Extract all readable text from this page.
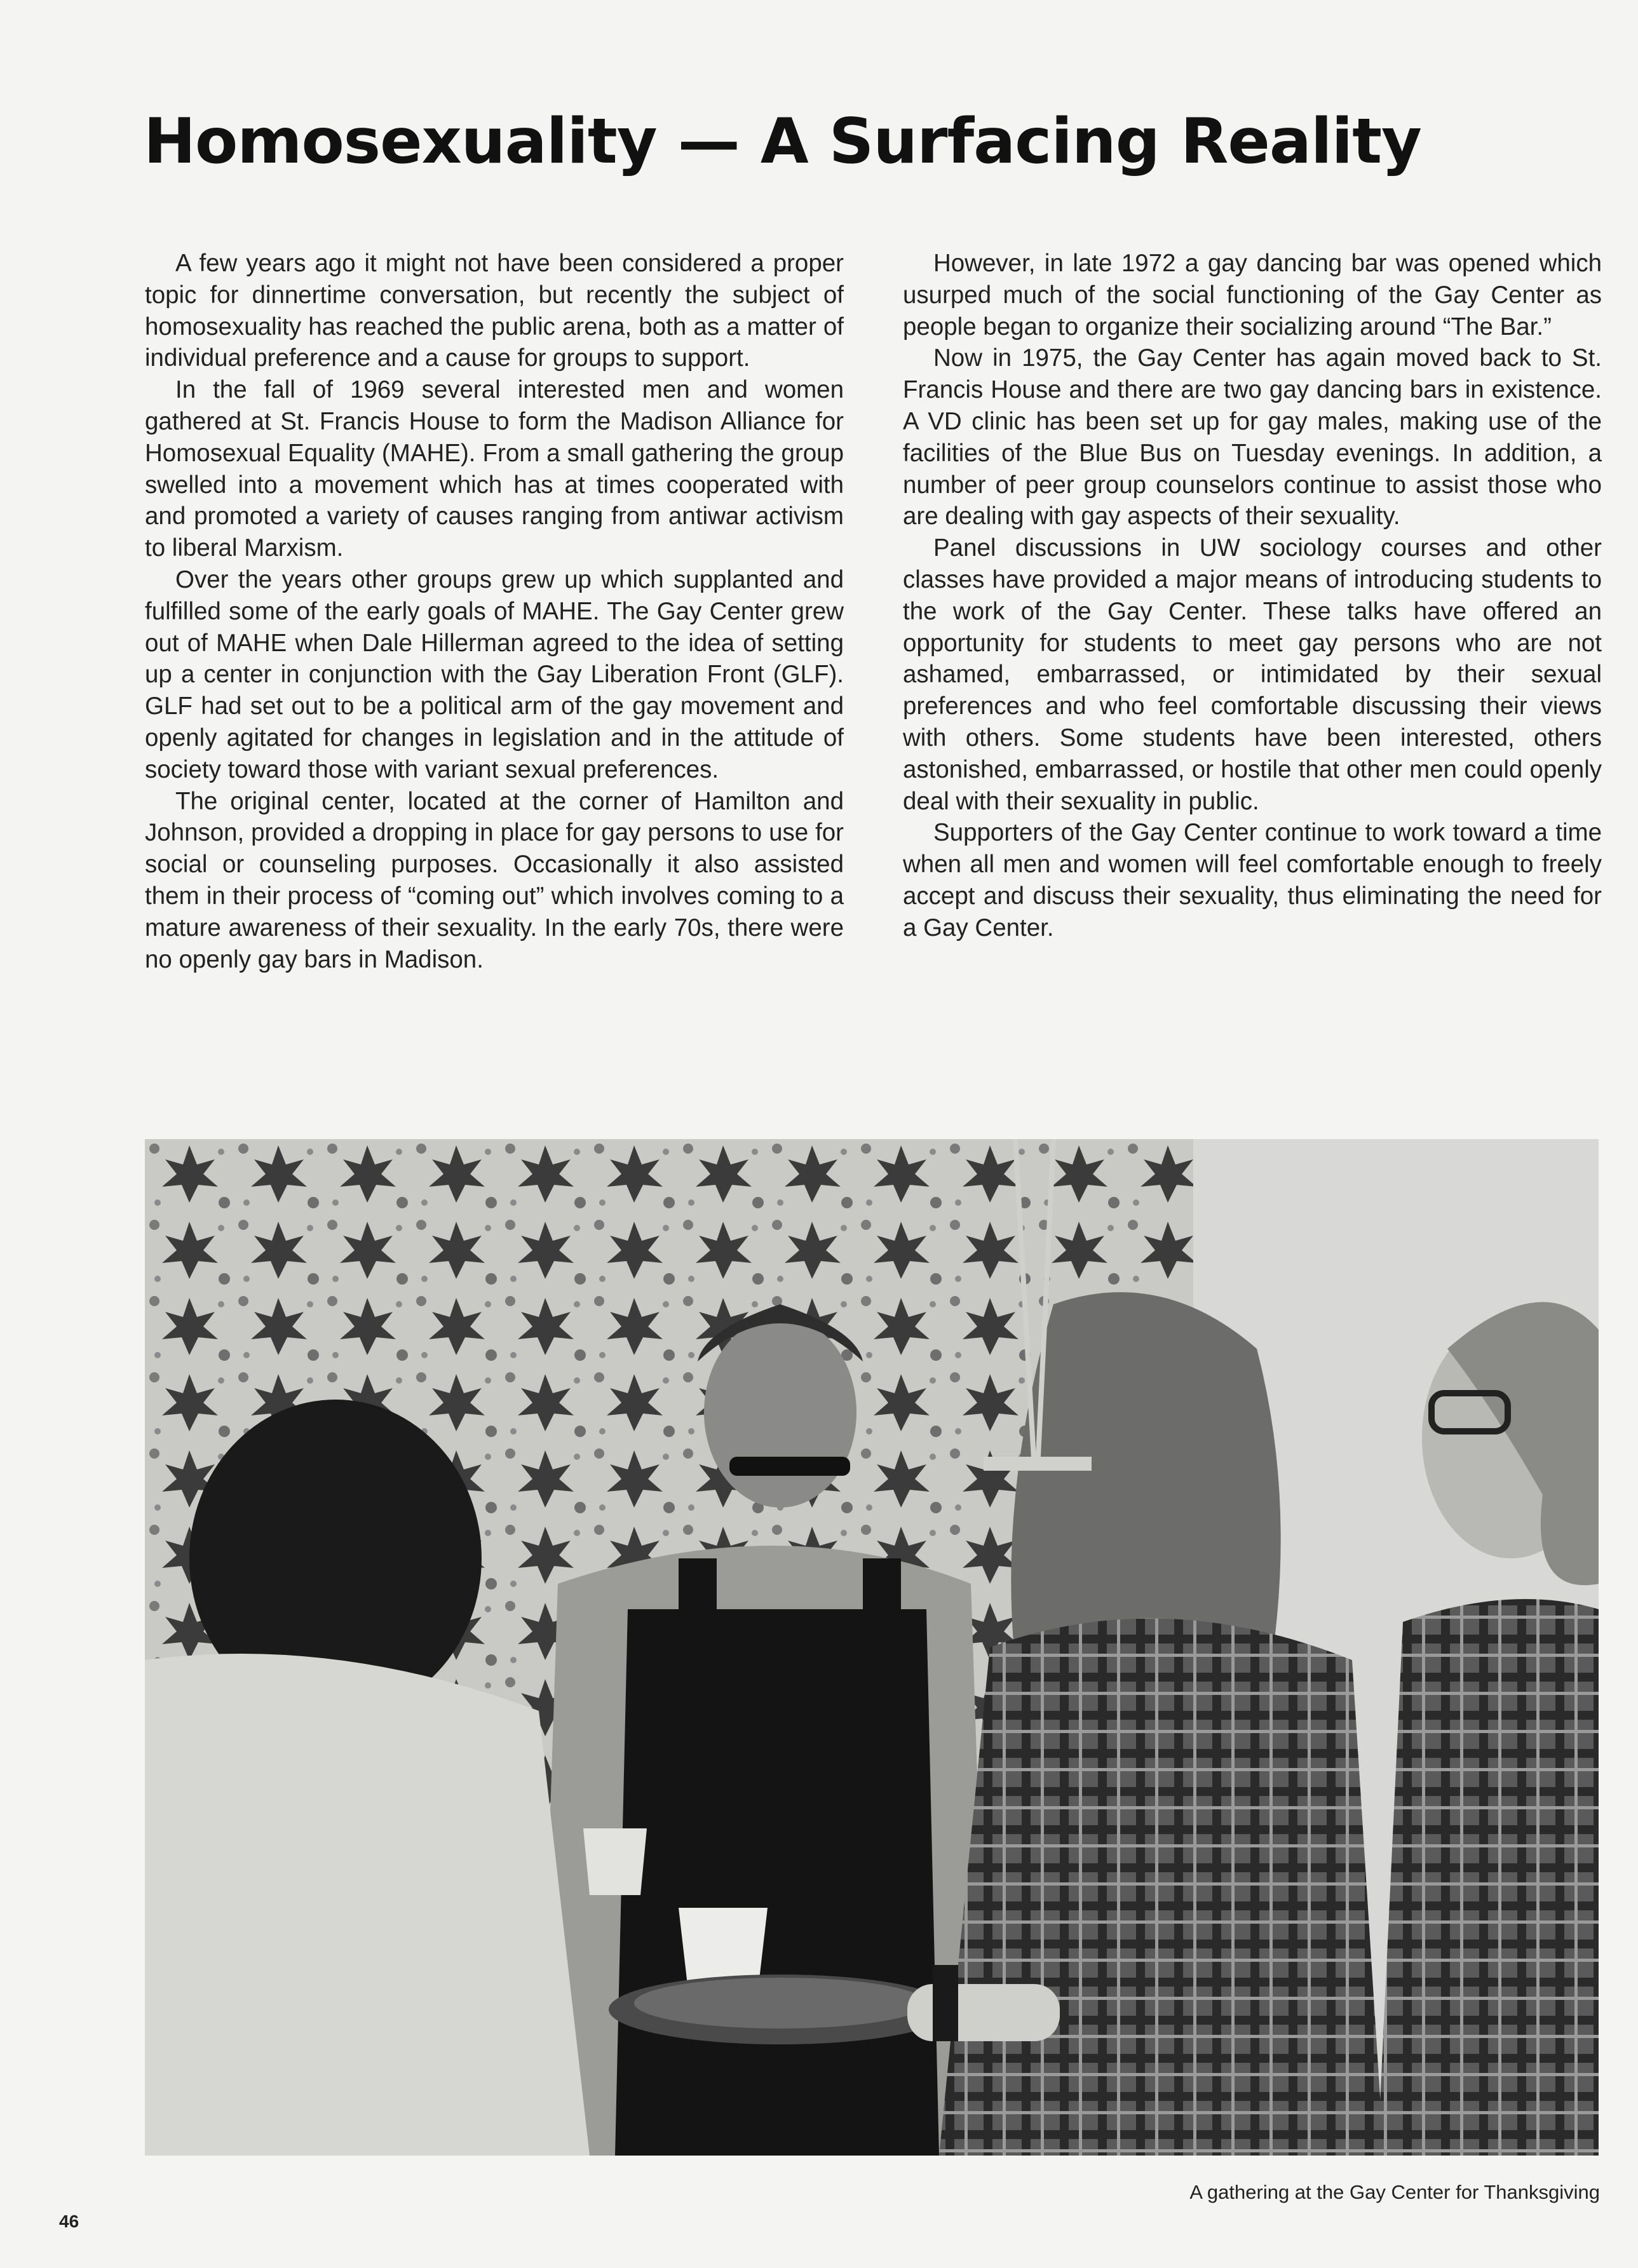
Homosexuality — A Surfacing Reality

A few years ago it might not have been considered a proper topic for dinnertime conversation, but recently the subject of homosexuality has reached the public arena, both as a matter of individual preference and a cause for groups to support.

In the fall of 1969 several interested men and women gathered at St. Francis House to form the Madison Alliance for Homosexual Equality (MAHE). From a small gathering the group swelled into a movement which has at times cooperated with and promoted a variety of causes ranging from antiwar activism to liberal Marxism.

Over the years other groups grew up which supplanted and fulfilled some of the early goals of MAHE. The Gay Center grew out of MAHE when Dale Hillerman agreed to the idea of setting up a center in conjunction with the Gay Liberation Front (GLF). GLF had set out to be a political arm of the gay movement and openly agitated for changes in legislation and in the attitude of society toward those with variant sexual preferences.

The original center, located at the corner of Hamilton and Johnson, provided a dropping in place for gay persons to use for social or counseling purposes. Occasionally it also assisted them in their process of “coming out” which involves coming to a mature awareness of their sexuality. In the early 70s, there were no openly gay bars in Madison.

However, in late 1972 a gay dancing bar was opened which usurped much of the social functioning of the Gay Center as people began to organize their socializing around “The Bar.”

Now in 1975, the Gay Center has again moved back to St. Francis House and there are two gay dancing bars in existence. A VD clinic has been set up for gay males, making use of the facilities of the Blue Bus on Tuesday evenings. In addition, a number of peer group counselors continue to assist those who are dealing with gay aspects of their sexuality.

Panel discussions in UW sociology courses and other classes have provided a major means of introducing students to the work of the Gay Center. These talks have offered an opportunity for students to meet gay persons who are not ashamed, embarrassed, or intimidated by their sexual preferences and who feel comfortable discussing their views with others. Some students have been interested, others astonished, embarrassed, or hostile that other men could openly deal with their sexuality in public.

Supporters of the Gay Center continue to work toward a time when all men and women will feel comfortable enough to freely accept and discuss their sexuality, thus eliminating the need for a Gay Center.

A gathering at the Gay Center for Thanksgiving
46
